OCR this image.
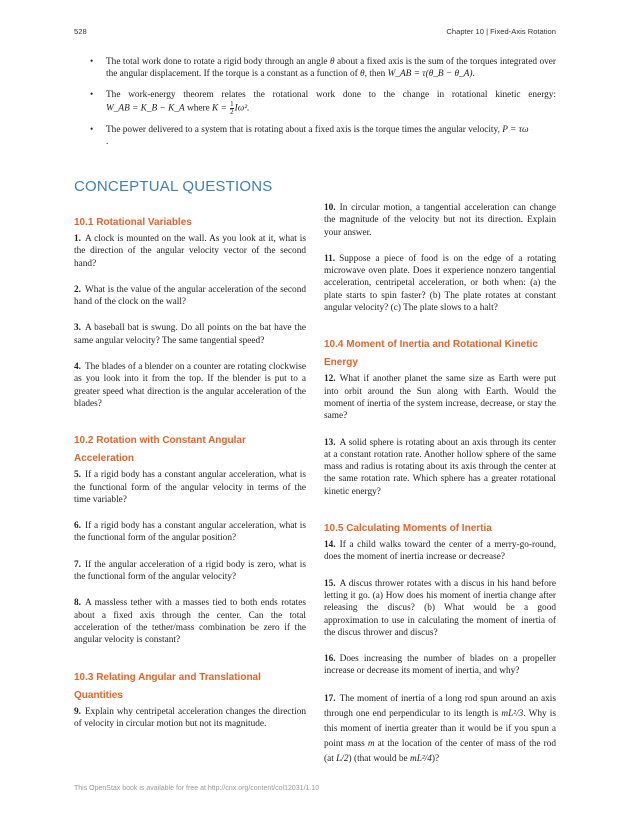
528	Chapter 10 | Fixed-Axis Rotation
• The total work done to rotate a rigid body through an angle θ about a fixed axis is the sum of the torques integrated over the angular displacement. If the torque is a constant as a function of θ, then W_AB = τ(θ_B − θ_A).
• The work-energy theorem relates the rotational work done to the change in rotational kinetic energy: W_AB = K_B − K_A where $K = \frac{1}{2} I\omega^2$.
• The power delivered to a system that is rotating about a fixed axis is the torque times the angular velocity, P = τω
.
CONCEPTUAL QUESTIONS
10.1 Rotational Variables

1. A clock is mounted on the wall. As you look at it, what is the direction of the angular velocity vector of the second hand?

2. What is the value of the angular acceleration of the second hand of the clock on the wall?

3. A baseball bat is swung. Do all points on the bat have the same angular velocity? The same tangential speed?

4. The blades of a blender on a counter are rotating clockwise as you look into it from the top. If the blender is put to a greater speed what direction is the angular acceleration of the blades?

10.2 Rotation with Constant Angular Acceleration

5. If a rigid body has a constant angular acceleration, what is the functional form of the angular velocity in terms of the time variable?

6. If a rigid body has a constant angular acceleration, what is the functional form of the angular position?

7. If the angular acceleration of a rigid body is zero, what is the functional form of the angular velocity?

8. A massless tether with a masses tied to both ends rotates about a fixed axis through the center. Can the total acceleration of the tether/mass combination be zero if the angular velocity is constant?

10.3 Relating Angular and Translational Quantities

9. Explain why centripetal acceleration changes the direction of velocity in circular motion but not its magnitude.

10. In circular motion, a tangential acceleration can change the magnitude of the velocity but not its direction. Explain your answer.

11. Suppose a piece of food is on the edge of a rotating microwave oven plate. Does it experience nonzero tangential acceleration, centripetal acceleration, or both when: (a) the plate starts to spin faster? (b) The plate rotates at constant angular velocity? (c) The plate slows to a halt?

10.4 Moment of Inertia and Rotational Kinetic Energy

12. What if another planet the same size as Earth were put into orbit around the Sun along with Earth. Would the moment of inertia of the system increase, decrease, or stay the same?

13. A solid sphere is rotating about an axis through its center at a constant rotation rate. Another hollow sphere of the same mass and radius is rotating about its axis through the center at the same rotation rate. Which sphere has a greater rotational kinetic energy?

10.5 Calculating Moments of Inertia

14. If a child walks toward the center of a merry-go-round, does the moment of inertia increase or decrease?

15. A discus thrower rotates with a discus in his hand before letting it go. (a) How does his moment of inertia change after releasing the discus? (b) What would be a good approximation to use in calculating the moment of inertia of the discus thrower and discus?

16. Does increasing the number of blades on a propeller increase or decrease its moment of inertia, and why?

17. The moment of inertia of a long rod spun around an axis through one end perpendicular to its length is mL²/3. Why is this moment of inertia greater than it would be if you spun a point mass m at the location of the center of mass of the rod (at L/2) (that would be mL²/4)?

This OpenStax book is available for free at http://cnx.org/content/col12031/1.10
